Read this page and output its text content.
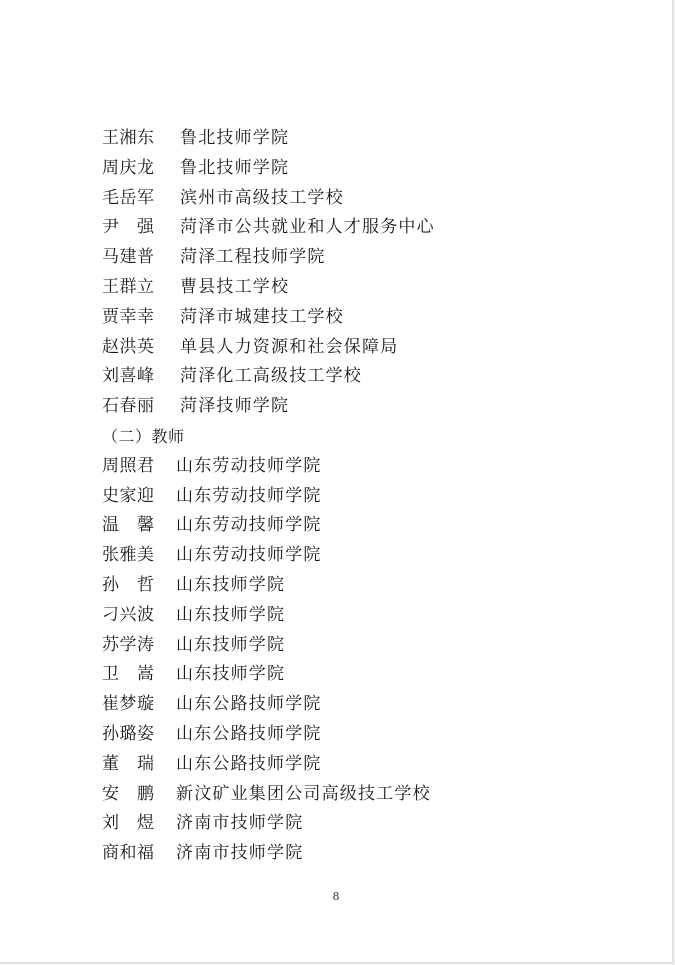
王湘东	鲁北技师学院
周庆龙	鲁北技师学院
毛岳军	滨州市高级技工学校
尹　强	菏泽市公共就业和人才服务中心
马建普	菏泽工程技师学院
王群立	曹县技工学校
贾幸幸	菏泽市城建技工学校
赵洪英	单县人力资源和社会保障局
刘喜峰	菏泽化工高级技工学校
石春丽	菏泽技师学院
（二）教师
周照君	山东劳动技师学院
史家迎	山东劳动技师学院
温　馨	山东劳动技师学院
张雅美	山东劳动技师学院
孙　哲	山东技师学院
刁兴波	山东技师学院
苏学涛	山东技师学院
卫　嵩	山东技师学院
崔梦璇	山东公路技师学院
孙璐姿	山东公路技师学院
董　瑞	山东公路技师学院
安　鹏	新汶矿业集团公司高级技工学校
刘　煜	济南市技师学院
商和福	济南市技师学院
8
